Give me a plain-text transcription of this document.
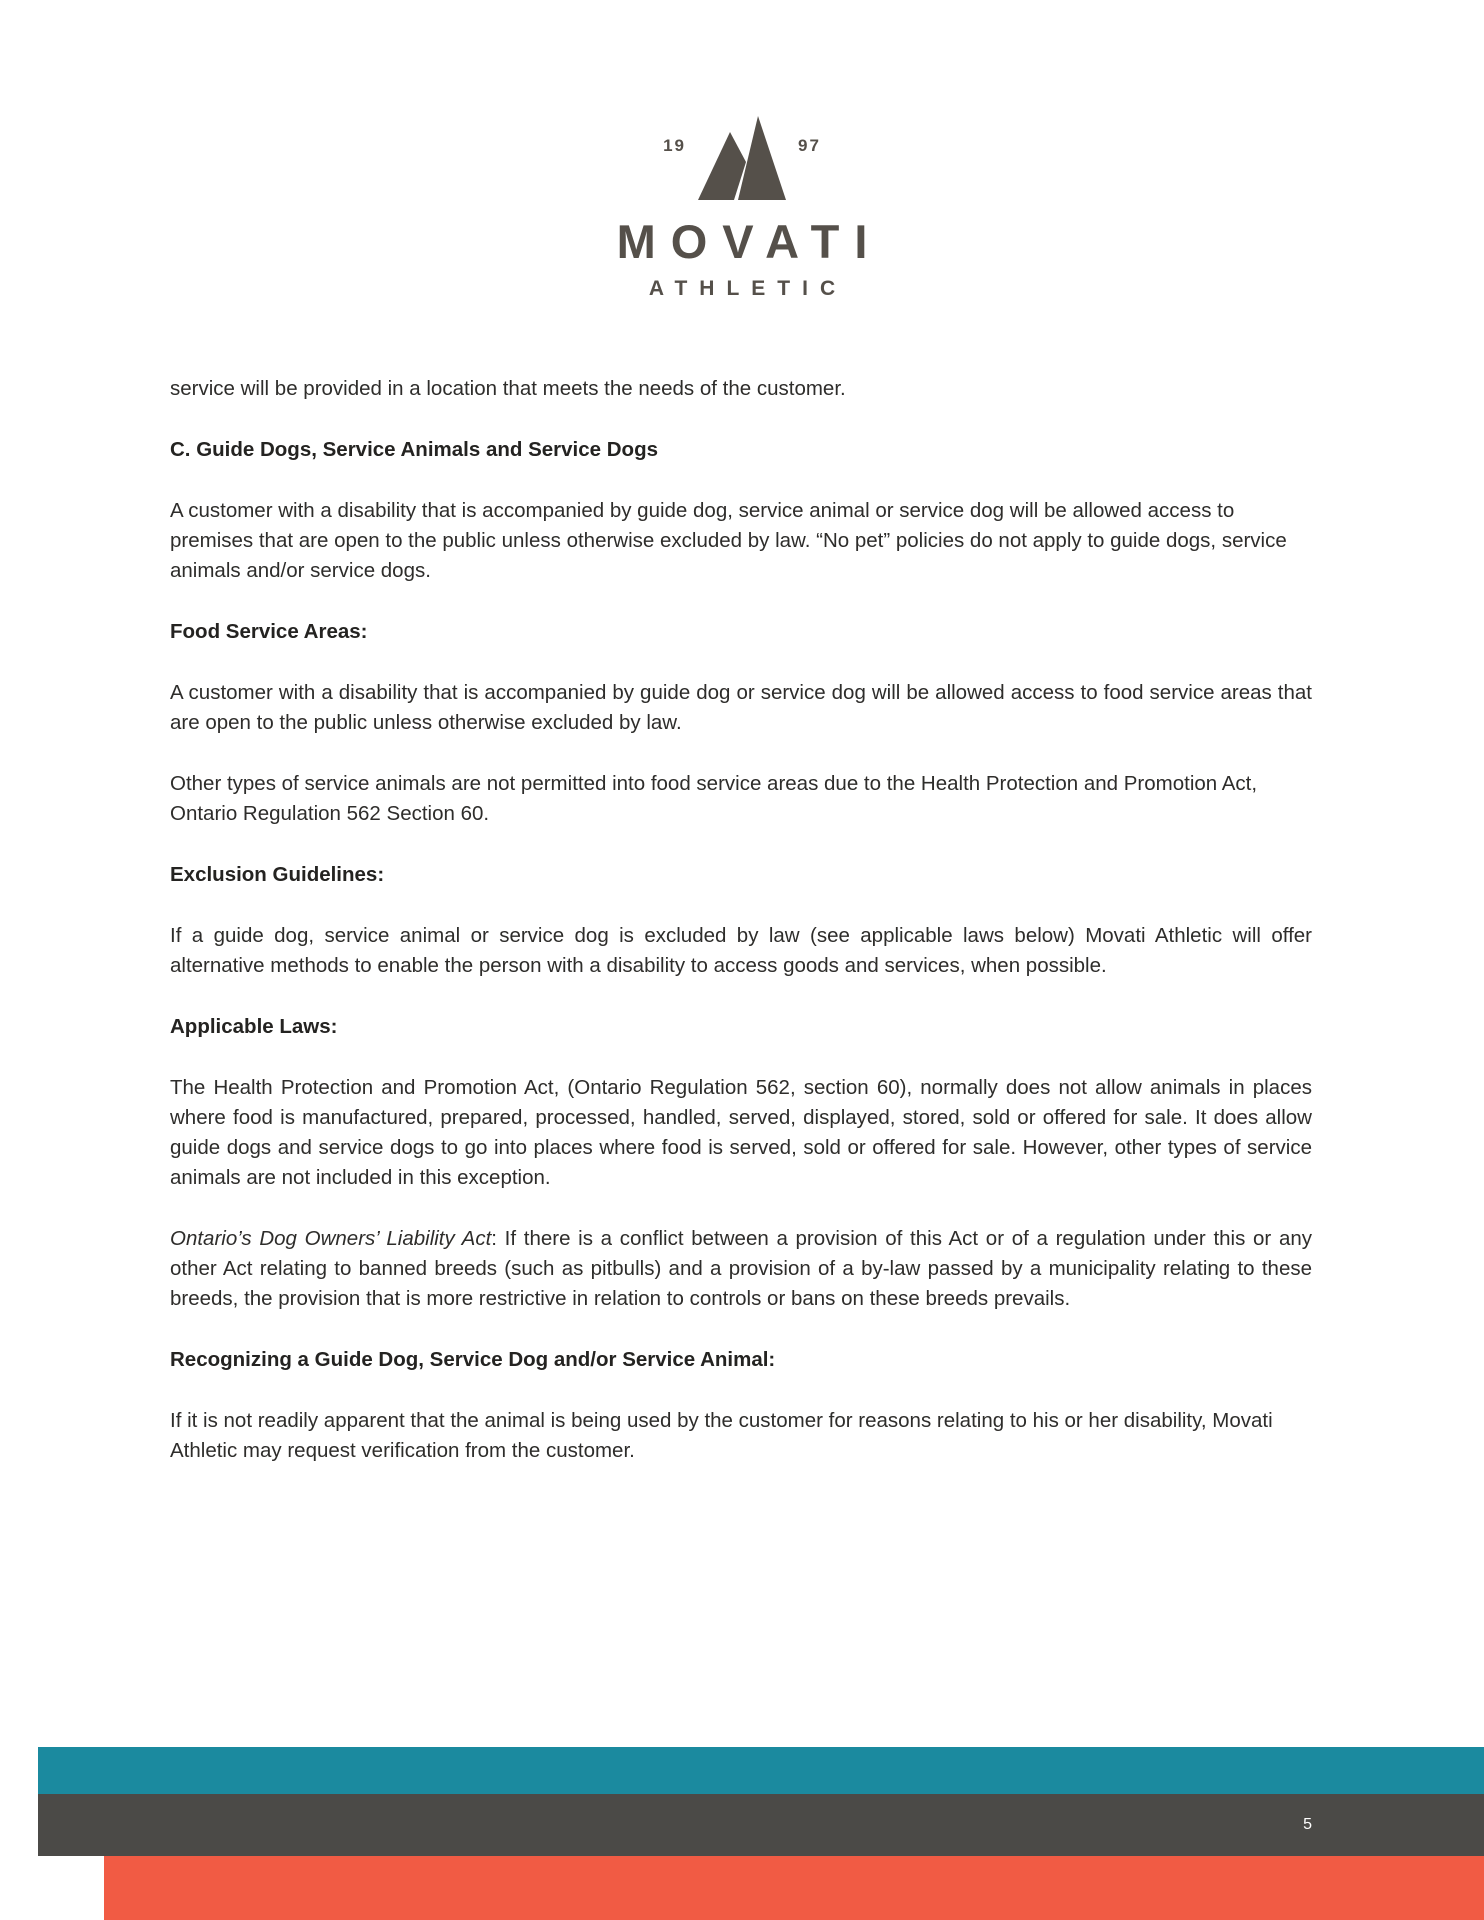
19	97
MOVATI
ATHLETIC

service will be provided in a location that meets the needs of the customer.

C. Guide Dogs, Service Animals and Service Dogs

A customer with a disability that is accompanied by guide dog, service animal or service dog will be allowed access to premises that are open to the public unless otherwise excluded by law. “No pet” policies do not apply to guide dogs, service animals and/or service dogs.

Food Service Areas:

A customer with a disability that is accompanied by guide dog or service dog will be allowed access to food service areas that are open to the public unless otherwise excluded by law.

Other types of service animals are not permitted into food service areas due to the Health Protection and Promotion Act, Ontario Regulation 562 Section 60.

Exclusion Guidelines:

If a guide dog, service animal or service dog is excluded by law (see applicable laws below) Movati Athletic will offer alternative methods to enable the person with a disability to access goods and services, when possible.

Applicable Laws:

The Health Protection and Promotion Act, (Ontario Regulation 562, section 60), normally does not allow animals in places where food is manufactured, prepared, processed, handled, served, displayed, stored, sold or offered for sale. It does allow guide dogs and service dogs to go into places where food is served, sold or offered for sale. However, other types of service animals are not included in this exception.

Ontario’s Dog Owners’ Liability Act: If there is a conflict between a provision of this Act or of a regulation under this or any other Act relating to banned breeds (such as pitbulls) and a provision of a by-law passed by a municipality relating to these breeds, the provision that is more restrictive in relation to controls or bans on these breeds prevails.

Recognizing a Guide Dog, Service Dog and/or Service Animal:

If it is not readily apparent that the animal is being used by the customer for reasons relating to his or her disability, Movati Athletic may request verification from the customer.

5
